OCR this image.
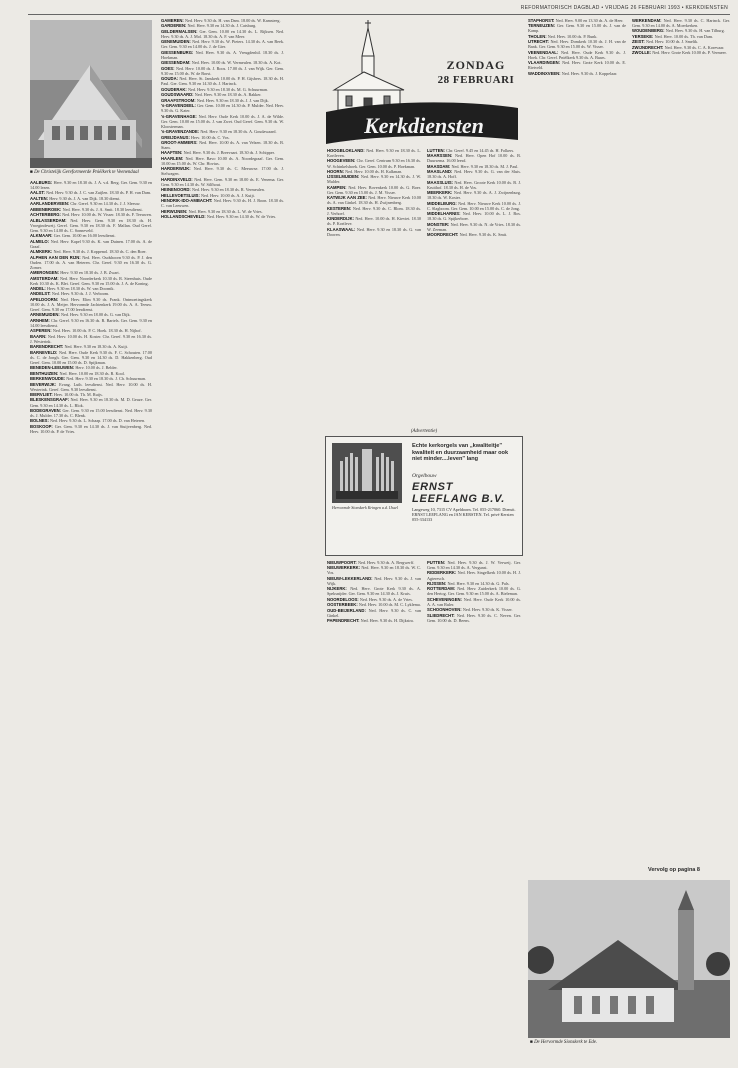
REFORMATORISCH DAGBLAD • VRIJDAG 26 FEBRUARI 1993 • KERKDIENSTEN
■ De Christelijk Gereformeerde Pniëlkerk te Veenendaal

AALBURG: Herv. 9.30 en 18.30 ds. J. A. v.d. Berg. Ger. Gem. 9.30 en 14.00 lezen.

AALST: Ned. Herv. 9.30 ds. J. C. van Zuijlen. 18.30 ds. P. H. van Dam.

AALTEN: Herv. 9.30 ds. J. A. van Dijk. 18.30 dienst.

AARLANDERVEEN: Chr. Geref. 9.30 en 14.30 ds. J. J. Sleeuw.

ABBENBROEK: Ned. Herv. 9.30 ds. J. A. Smit. 18.30 leesdienst.

ACHTERBERG: Ned. Herv. 10.00 ds. W. Visser. 18.30 ds. F. Teeuwen.

ALBLASSERDAM: Ned. Herv. Gem. 9.30 en 18.30 ds. H. Vroegindeweij. Geref. Gem. 9.30 en 18.30 ds. F. Mallan. Oud Geref. Gem. 9.30 en 14.00 ds. C. Sonneveld.

ALKMAAR: Ger. Gem. 10.00 en 16.00 leesdienst.

ALMELO: Ned. Herv. Kapel 9.30 ds. K. van Duinen. 17.00 ds. A. de Graaf.

ALMKERK: Ned. Herv. 9.30 ds. J. Koppenol. 18.30 ds. C. den Boer.

ALPHEN AAN DEN RIJN: Ned. Herv. Oudshoorn 9.30 ds. P. J. den Ouden. 17.00 ds. A. van Heteren. Chr. Geref. 9.30 en 16.30 ds. G. Zomer.

AMERONGEN: Herv. 9.30 en 18.30 ds. J. B. Zwart.

AMSTERDAM: Ned. Herv. Noorderkerk 10.30 ds. R. Steenhuis. Oude Kerk 10.30 ds. K. Blei. Geref. Gem. 9.30 en 15.00 ds. J. A. de Koning.

ANDEL: Herv. 9.30 en 18.30 ds. W. van Doornik.

ANDELST: Ned. Herv. 9.30 ds. J. J. Verboom.

APELDOORN: Ned. Herv. Elim 9.30 ds. Frank. Ontmoetingskerk 10.00 ds. J. A. Meijer. Hervormde Jachtenkerk 19.00 ds. A. A. Teeuw. Geref. Gem. 9.30 en 17.00 leesdienst.

ARNEMUIDEN: Ned. Herv. 9.30 en 18.00 ds. G. van Dijk.

ARNHEM: Chr. Geref. 9.30 en 16.30 ds. R. Bartels. Ger. Gem. 9.30 en 14.00 leesdienst.

ASPEREN: Ned. Herv. 10.00 ds. P. C. Hoek. 18.30 ds. H. Nijhof.

BAARN: Ned. Herv. 10.00 ds. H. Koster. Chr. Geref. 9.30 en 16.30 ds. J. Westerink.

BARENDRECHT: Ned. Herv. 9.30 en 18.30 ds. A. Kuijt.

BARNEVELD: Ned. Herv. Oude Kerk 9.30 ds. F. C. Schouten. 17.00 ds. C. de Jongh. Ger. Gem. 9.30 en 14.30 ds. D. Hakkenberg. Oud Geref. Gem. 10.00 en 15.00 ds. D. Spijkman.

BENEDEN-LEEUWEN: Herv. 10.00 ds. J. Belder.

BENTHUIZEN: Ned. Herv. 10.00 en 18.30 ds. R. Kool.

BERKENWOUDE: Ned. Herv. 9.30 en 18.30 ds. J. Ch. Schuurman.

BEVERWIJK: Evang. Luth. leesdienst. Ned. Herv. 10.00 ds. H. Westerink. Geref. Gem. 9.30 leesdienst.

BIERVLIET: Herv. 10.00 ds. Th. M. Ruijs.

BLESKENSGRAAF: Ned. Herv. 9.30 en 18.30 ds. M. D. Geuze. Ger. Gem. 9.30 en 14.30 ds. L. Blok.

BODEGRAVEN: Ger. Gem. 9.30 en 15.00 leesdienst. Ned. Herv. 9.30 ds. J. Mulder. 17.30 ds. C. Blenk.

BOLNES: Ned. Herv. 9.30 ds. L. Schaap. 17.00 ds. D. van Heteren.

BOSKOOP: Ger. Gem. 9.30 en 14.30 ds. J. van Stuijvenberg. Ned. Herv. 10.00 ds. P. de Vries.

GAMEREN: Ned. Herv. 9.30 ds. H. van Dam. 18.00 ds. W. Kamsteeg.

GARDEREN: Ned. Herv. 9.30 en 14.30 ds. J. Catsburg.

GELDERMALSEN: Ger. Gem. 10.00 en 14.30 ds. L. Rijksen. Ned. Herv. 9.30 ds. A. J. Mol. 18.30 ds. A. F. van Meer.

GENEMUIDEN: Ned. Herv. 9.30 ds. W. Pieters. 14.30 ds. A. van Beek. Ger. Gem. 9.30 en 14.00 ds. J. de Gier.

GIESSENBURG: Ned. Herv. 9.30 ds. A. Vreugdenhil. 18.30 ds. J. Hoekman.

GIESSENDAM: Ned. Herv. 10.00 ds. W. Vermeulen. 18.30 ds. A. Kot.

GOES: Ned. Herv. 10.00 ds. J. Roos. 17.00 ds. J. van Wijk. Ger. Gem. 9.30 en 15.00 ds. W. de Borst.

GOUDA: Ned. Herv. St. Janskerk 10.00 ds. P. H. Gijsbers. 18.30 ds. H. Paul. Ger. Gem. 9.30 en 14.30 ds. J. Harinck.

GOUDERAK: Ned. Herv. 9.30 en 18.30 ds. M. G. Schuurman.

GOUDSWAARD: Ned. Herv. 9.30 en 18.30 ds. A. Bakker.

GRAAFSTROOM: Ned. Herv. 9.30 en 18.30 ds. J. J. van Dijk.

's-GRAVENDEEL: Ger. Gem. 10.00 en 14.30 ds. P. Mulder. Ned. Herv. 9.30 ds. G. Kater.

's-GRAVENHAGE: Ned. Herv. Oude Kerk 10.00 ds. J. A. de Wilde. Ger. Gem. 10.00 en 15.00 ds. J. van Zwet. Oud Geref. Gem. 9.30 ds. W. Kloosterman.

's-GRAVENZANDE: Ned. Herv. 9.30 en 18.30 ds. A. Goudzwaard.

GREIJDANUS: Herv. 10.00 ds. C. Vos.

GROOT-AMMERS: Ned. Herv. 10.00 ds. A. van Velzen. 18.30 ds. B. Stam.

HAAFTEN: Ned. Herv. 9.30 ds. J. Breevaart. 18.30 ds. J. Schipper.

HAARLEM: Ned. Herv. Bavo 10.00 ds. A. Noordegraaf. Ger. Gem. 10.00 en 15.00 ds. W. Chr. Hovius.

HARDERWIJK: Ned. Herv. 9.30 ds. C. Meeuwse. 17.00 ds. J. Stelwagen.

HARDINXVELD: Ned. Herv. Gem. 9.30 en 18.00 ds. E. Venema. Ger. Gem. 9.30 en 14.30 ds. W. Silfhout.

HEINENOORD: Ned. Herv. 9.30 en 18.30 ds. R. Vermeulen.

HELLEVOETSLUIS: Ned. Herv. 10.00 ds. A. J. Kuijt.

HENDRIK-IDO-AMBACHT: Ned. Herv. 9.30 ds. H. J. Boon. 18.30 ds. C. van Leeuwen.

HERWIJNEN: Ned. Herv. 9.30 en 18.30 ds. L. W. de Vries.

HOLLANDSCHEVELD: Ned. Herv. 9.30 en 14.30 ds. W. de Vries.

ZONDAG
28 FEBRUARI
Kerkdiensten

HOOGBLOKLAND: Ned. Herv. 9.30 en 18.30 ds. L. Kortleven.

HOOGEVEEN: Chr. Geref. Centrum 9.30 en 16.30 ds. W. Schinkelshoek. Ger. Gem. 10.00 ds. P. Hoekman.

HOORN: Ned. Herv. 10.00 ds. H. Kalkman.

IJSSELMUIDEN: Ned. Herv. 9.30 en 14.30 ds. J. W. Mulder.

KAMPEN: Ned. Herv. Bovenkerk 10.00 ds. G. Boer. Ger. Gem. 9.30 en 15.00 ds. J. M. Visser.

KATWIJK AAN ZEE: Ned. Herv. Nieuwe Kerk 10.00 ds. A. van Ginkel. 18.30 ds. H. Zwijnenberg.

KESTEREN: Ned. Herv. 9.30 ds. C. Blom. 18.30 ds. J. Verhoef.

KINDERDIJK: Ned. Herv. 10.00 ds. H. Kieviet. 18.30 ds. P. Kortleve.

KLAASWAAL: Ned. Herv. 9.30 en 18.30 ds. G. van Dooren.

LUTTEN: Chr. Geref. 9.45 en 14.45 ds. H. Folkers.

MAARSSEN: Ned. Herv. Open Hof 10.00 ds. B. Duursema. 16.00 leesd.

MAASDAM: Ned. Herv. 9.30 en 18.30 ds. M. J. Paul.

MAASLAND: Ned. Herv. 9.30 ds. G. van der Sluis. 18.30 ds. A. Hoff.

MAASSLUIS: Ned. Herv. Groote Kerk 10.00 ds. B. J. Kruithof. 18.30 ds. H. de Vos.

MEERKERK: Ned. Herv. 9.30 ds. A. J. Zwijnenburg. 18.30 ds. W. Koster.

MIDDELBURG: Ned. Herv. Nieuwe Kerk 10.00 ds. J. C. Slagboom. Ger. Gem. 10.00 en 15.00 ds. C. de Jong.

MIDDELHARNIS: Ned. Herv. 10.00 ds. L. J. Bos. 18.30 ds. G. Spijkerboer.

MONSTER: Ned. Herv. 9.30 ds. N. de Vries. 18.30 ds. W. Zeeman.

MOORDRECHT: Ned. Herv. 9.30 ds. K. Smit.

(Advertentie)
Hervormde Sionskerk Kringen a.d. IJssel
Echte kerkorgels van „kwaliteitje" kwaliteit en duurzaamheid maar ook niet minder....leven" lang
Orgelbouw
ERNST
LEEFLANG B.V.
Langeweg 10, 7315 CV Apeldoorn. Tel. 055-217060. Dienstt. ERNST LEEFLANG en JAN KERSTEN. Tel. privé Kersten 055-334133

NIEUWPOORT: Ned. Herv. 9.30 ds. A. Bergwerff.

NIEUWERKERK: Ned. Herv. 9.30 en 18.30 ds. W. C. Vos.

NIEUW-LEKKERLAND: Ned. Herv. 9.30 ds. J. van Wijk.

NIJKERK: Ned. Herv. Grote Kerk 9.30 ds. A. Speksnijder. Ger. Gem. 9.30 en 14.30 ds. J. Kruis.

NOORDELOOS: Ned. Herv. 9.30 ds. A. de Vries.

OOSTERBEEK: Ned. Herv. 10.00 ds. M. C. Lyklema.

OUD-BEIJERLAND: Ned. Herv. 9.30 ds. C. van Ginkel.

PAPENDRECHT: Ned. Herv. 9.30 ds. H. Dijkstra.

PUTTEN: Ned. Herv. 9.30 ds. J. W. Verweij. Ger. Gem. 9.30 en 14.30 ds. A. Vergunst.

RIDDERKERK: Ned. Herv. Singelkerk 10.00 ds. H. J. Agteresch.

RIJSSEN: Ned. Herv. 9.30 en 14.30 ds. G. Pals.

ROTTERDAM: Ned. Herv. Zuiderkerk 10.00 ds. G. den Hertog. Ger. Gem. 9.30 en 15.00 ds. A. Bieleman.

SCHEVENINGEN: Ned. Herv. Oude Kerk 10.00 ds. A. A. van Ruler.

SCHOONHOVEN: Ned. Herv. 9.30 ds. K. Visser.

SLIEDRECHT: Ned. Herv. 9.30 ds. C. Neven. Ger. Gem. 10.00 ds. D. Beens.

STAPHORST: Ned. Herv. 9.00 en 13.30 ds. A. de Heer.

TERNEUZEN: Ger. Gem. 9.30 en 15.00 ds. J. van de Kamp.

THOLEN: Ned. Herv. 10.00 ds. P. Bunk.

UTRECHT: Ned. Herv. Domkerk 10.30 ds. J. H. van de Bank. Ger. Gem. 9.30 en 15.00 ds. W. Visser.

VEENENDAAL: Ned. Herv. Oude Kerk 9.30 ds. J. Hoek. Chr. Geref. Pniëlkerk 9.30 ds. A. Baars.

VLAARDINGEN: Ned. Herv. Grote Kerk 10.00 ds. E. Rietveld.

WADDINXVEEN: Ned. Herv. 9.30 ds. J. Koppelaar.

WERKENDAM: Ned. Herv. 9.30 ds. C. Harinck. Ger. Gem. 9.30 en 14.00 ds. A. Moerkerken.

WOUDENBERG: Ned. Herv. 9.30 ds. H. van Tilburg.

YERSEKE: Ned. Herv. 10.00 ds. Th. van Dam.

ZEIST: Ned. Herv. 10.00 ds. J. Smelik.

ZWIJNDRECHT: Ned. Herv. 9.30 ds. C. A. Korevaar.

ZWOLLE: Ned. Herv. Grote Kerk 10.00 ds. P. Vermeer.

Vervolg op pagina 8
■ De Hervormde Sionskerk te Ede.
